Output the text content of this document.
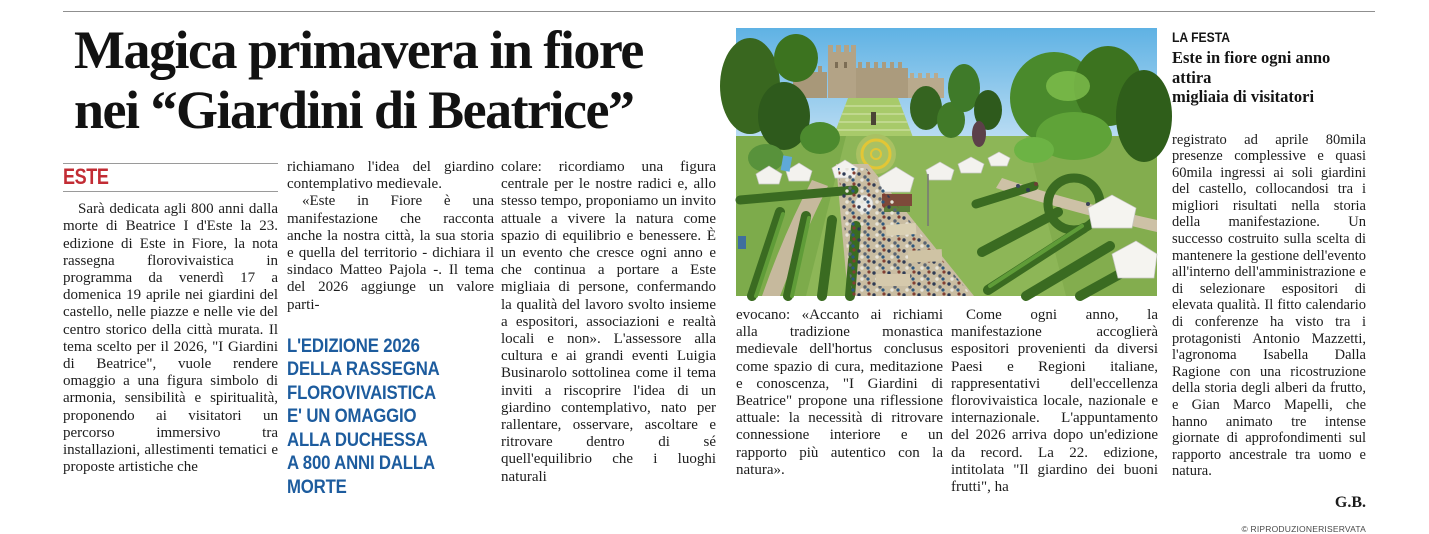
Magica primavera in fiore
nei “Giardini di Beatrice”
ESTE

Sarà dedicata agli 800 anni dalla morte di Beatrice I d'Este la 23. edizione di Este in Fiore, la nota rassegna florovivaistica in programma da venerdì 17 a domenica 19 aprile nei giardini del castello, nelle piazze e nelle vie del centro storico della città murata. Il tema scelto per il 2026, "I Giardini di Beatrice", vuole rendere omaggio a una figura simbolo di armonia, sensibilità e spiritualità, proponendo ai visitatori un percorso immersivo tra installazioni, allestimenti tematici e proposte artistiche che

richiamano l'idea del giardino contemplativo medievale.

«Este in Fiore è una manifestazione che racconta anche la nostra città, la sua storia e quella del territorio - dichiara il sindaco Matteo Pajola -. Il tema del 2026 aggiunge un valore parti-

L'EDIZIONE 2026
DELLA RASSEGNA
FLOROVIVAISTICA
E' UN OMAGGIO
ALLA DUCHESSA
A 800 ANNI DALLA MORTE

colare: ricordiamo una figura centrale per le nostre radici e, allo stesso tempo, proponiamo un invito attuale a vivere la natura come spazio di equilibrio e benessere. È un evento che cresce ogni anno e che continua a portare a Este migliaia di persone, confermando la qualità del lavoro svolto insieme a espositori, associazioni e realtà locali e non». L'assessore alla cultura e ai grandi eventi Luigia Businarolo sottolinea come il tema inviti a riscoprire l'idea di un giardino contemplativo, nato per rallentare, osservare, ascoltare e ritrovare dentro di sé quell'equilibrio che i luoghi naturali

evocano: «Accanto ai richiami alla tradizione monastica medievale dell'hortus conclusus come spazio di cura, meditazione e conoscenza, "I Giardini di Beatrice" propone una riflessione attuale: la necessità di ritrovare connessione interiore e un rapporto più autentico con la natura».

Come ogni anno, la manifestazione accoglierà espositori provenienti da diversi Paesi e Regioni italiane, rappresentativi dell'eccellenza florovivaistica locale, nazionale e internazionale. L'appuntamento del 2026 arriva dopo un'edizione da record. La 22. edizione, intitolata "Il giardino dei buoni frutti", ha

LA FESTA
Este in fiore ogni anno attira
migliaia di visitatori

registrato ad aprile 80mila presenze complessive e quasi 60mila ingressi ai soli giardini del castello, collocandosi tra i migliori risultati nella storia della manifestazione. Un successo costruito sulla scelta di mantenere la gestione dell'evento all'interno dell'amministrazione e di selezionare espositori di elevata qualità. Il fitto calendario di conferenze ha visto tra i protagonisti Antonio Mazzetti, l'agronoma Isabella Dalla Ragione con una ricostruzione della storia degli alberi da frutto, e Gian Marco Mapelli, che hanno animato tre intense giornate di approfondimenti sul rapporto ancestrale tra uomo e natura.

G.B.
© RIPRODUZIONERISERVATA
